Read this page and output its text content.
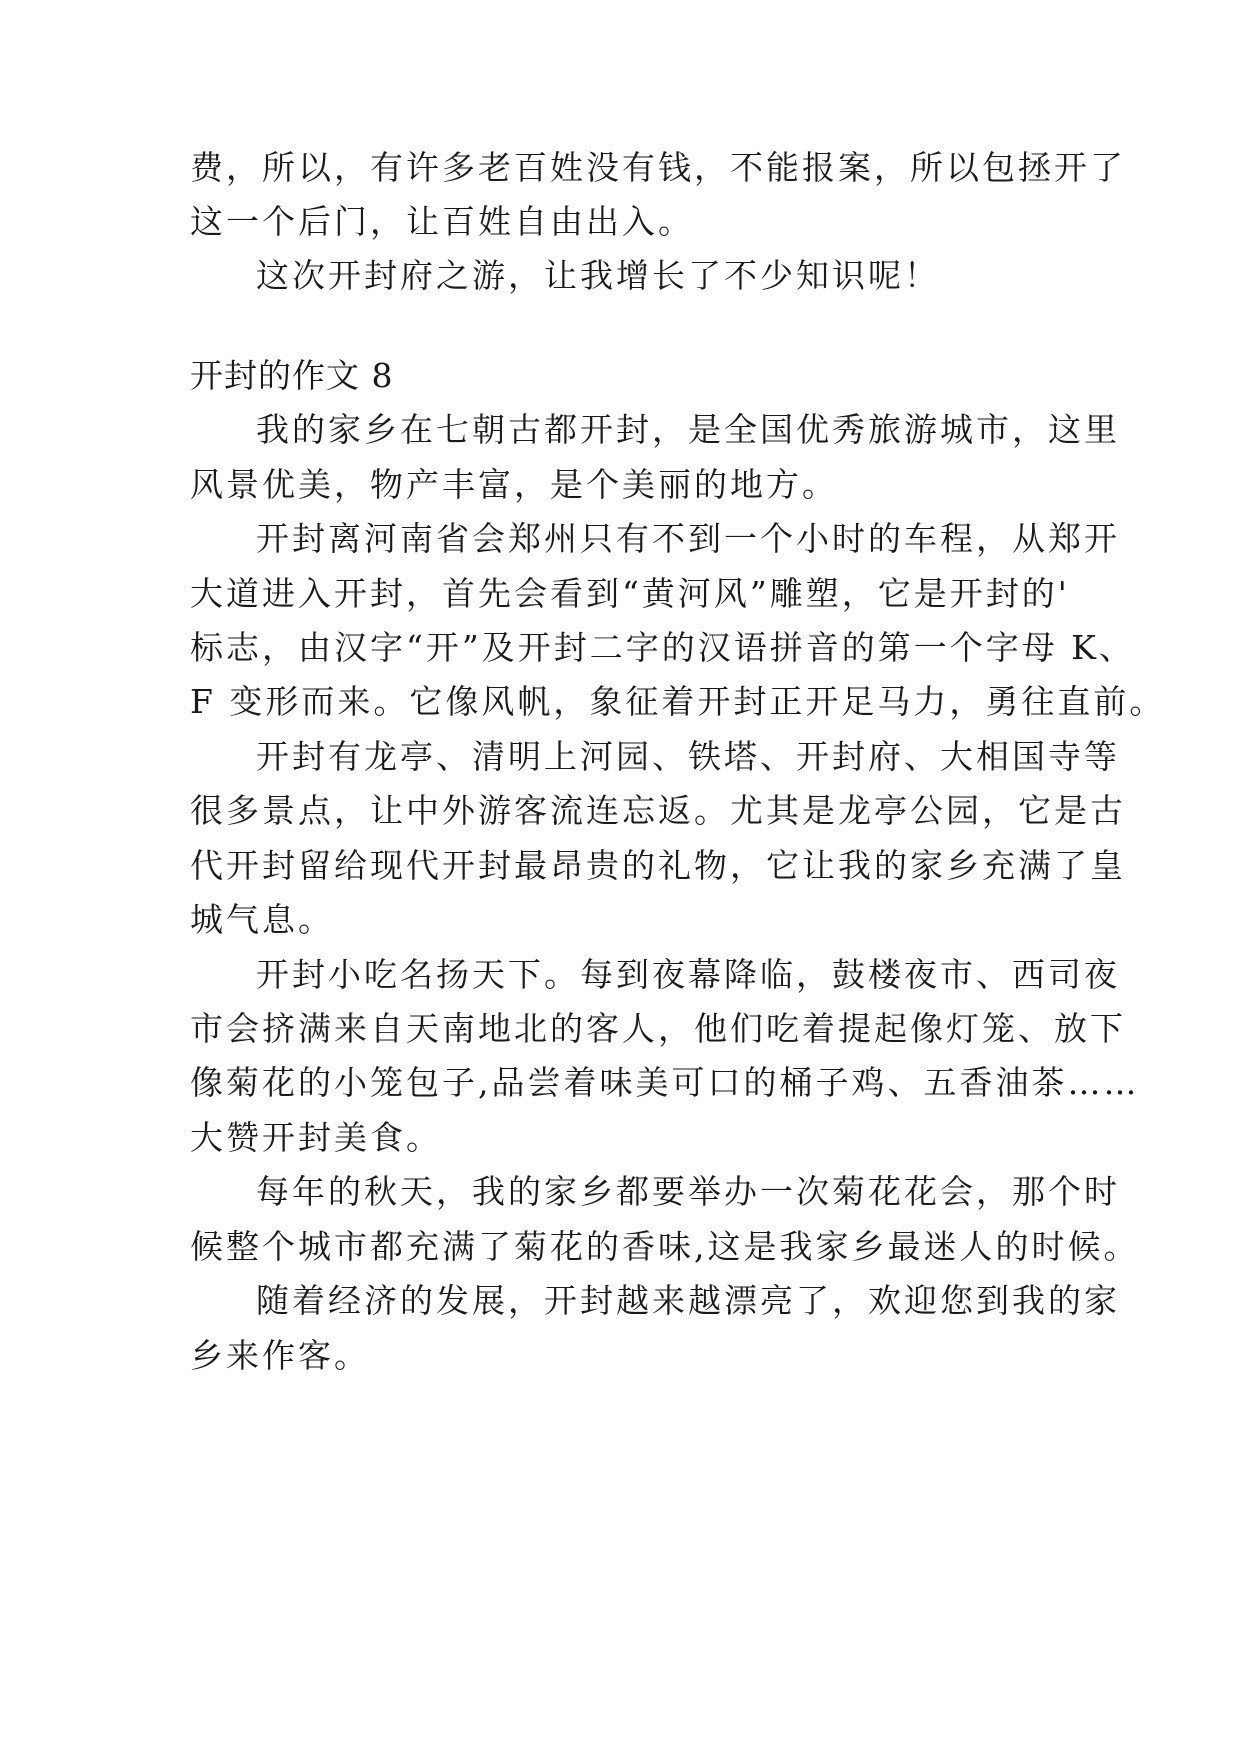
费，所以，有许多老百姓没有钱，不能报案，所以包拯开了

这一个后门，让百姓自由出入。

这次开封府之游，让我增长了不少知识呢！

开封的作文 8

我的家乡在七朝古都开封，是全国优秀旅游城市，这里

风景优美，物产丰富，是个美丽的地方。

开封离河南省会郑州只有不到一个小时的车程，从郑开

大道进入开封，首先会看到“黄河风”雕塑，它是开封的'

标志，由汉字“开”及开封二字的汉语拼音的第一个字母 K、

F 变形而来。它像风帆，象征着开封正开足马力，勇往直前。

开封有龙亭、清明上河园、铁塔、开封府、大相国寺等

很多景点，让中外游客流连忘返。尤其是龙亭公园，它是古

代开封留给现代开封最昂贵的礼物，它让我的家乡充满了皇

城气息。

开封小吃名扬天下。每到夜幕降临，鼓楼夜市、西司夜

市会挤满来自天南地北的客人，他们吃着提起像灯笼、放下

像菊花的小笼包子,品尝着味美可口的桶子鸡、五香油茶……

大赞开封美食。

每年的秋天，我的家乡都要举办一次菊花花会，那个时

候整个城市都充满了菊花的香味,这是我家乡最迷人的时候。

随着经济的发展，开封越来越漂亮了，欢迎您到我的家

乡来作客。
